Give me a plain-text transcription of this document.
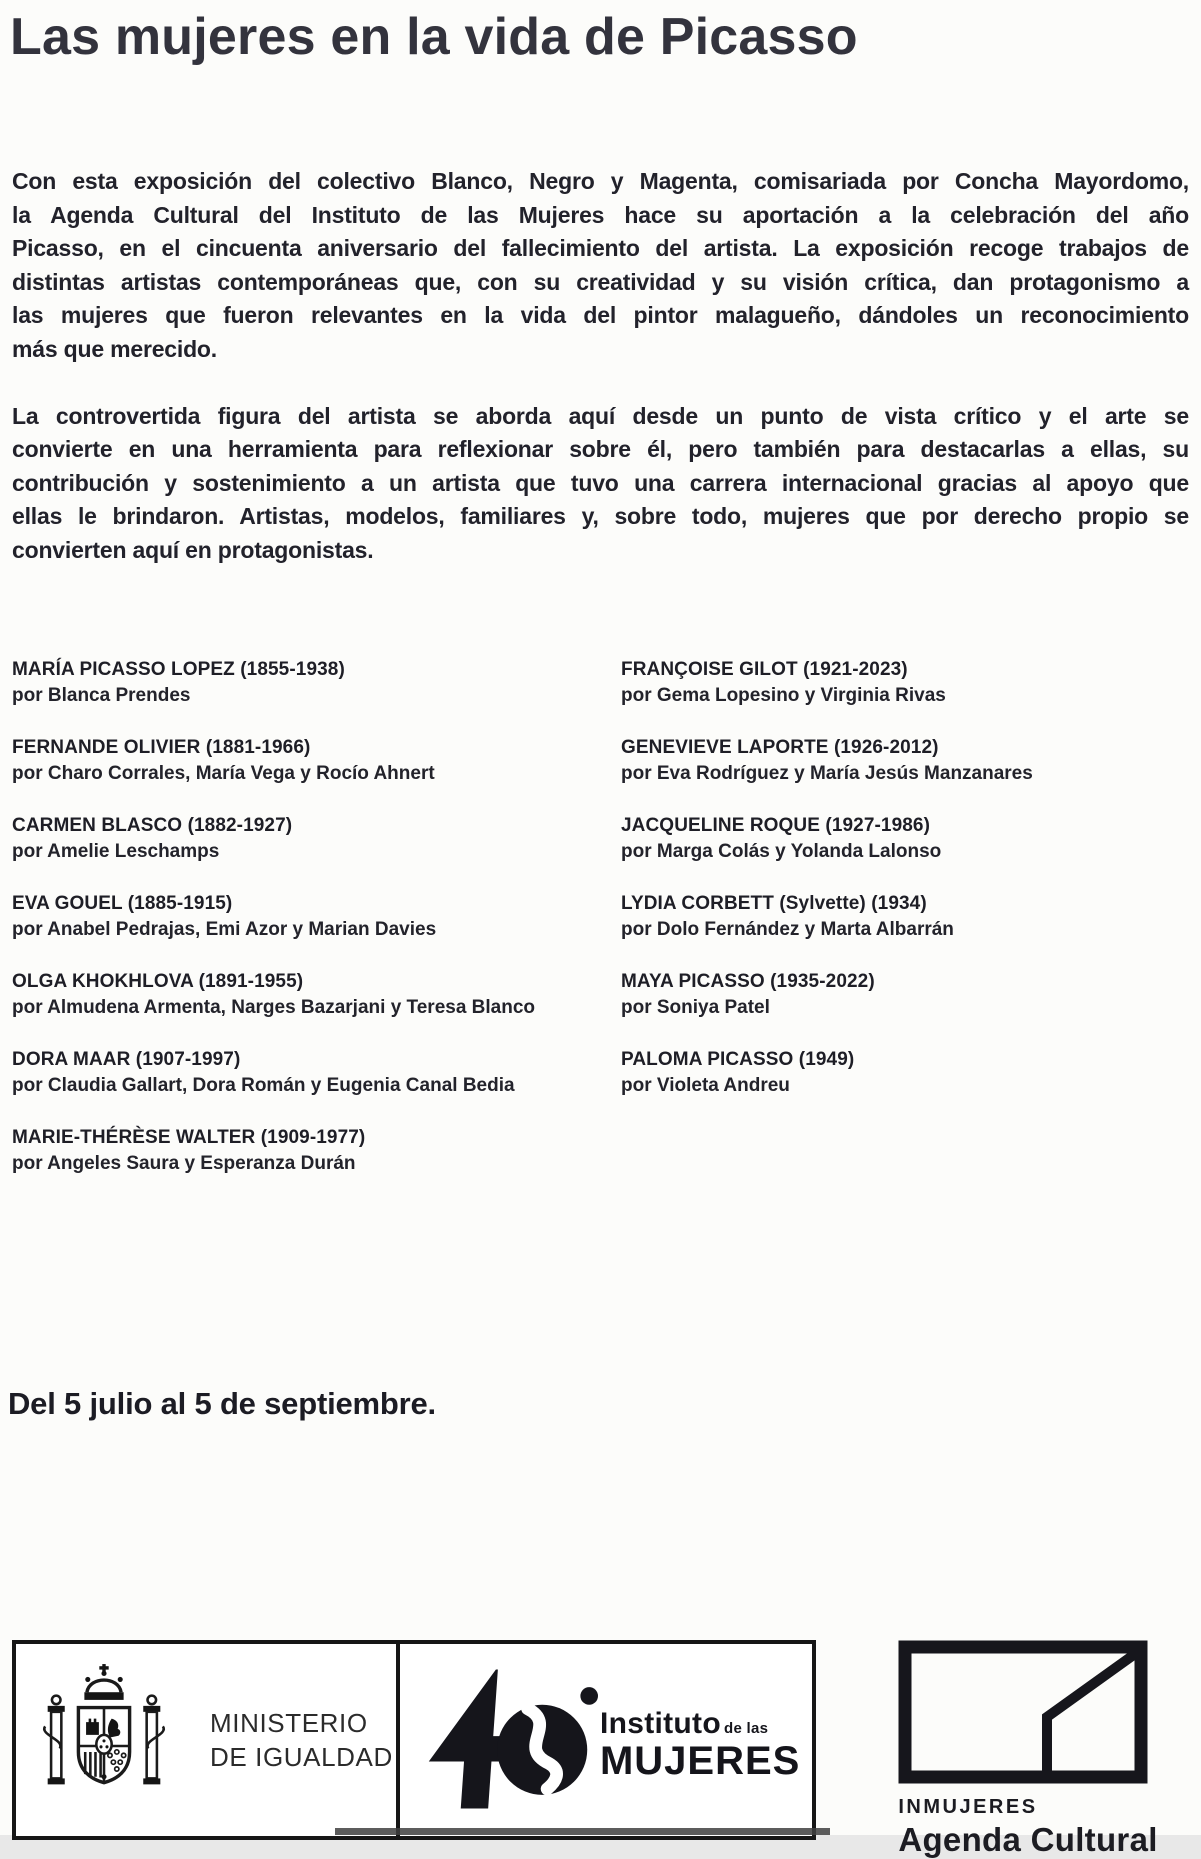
Las mujeres en la vida de Picasso
Con esta exposición del colectivo Blanco, Negro y Magenta, comisariada por Concha Mayordomo,
la Agenda Cultural del Instituto de las Mujeres hace su aportación a la celebración del año
Picasso, en el cincuenta aniversario del fallecimiento del artista. La exposición recoge trabajos de
distintas artistas contemporáneas que, con su creatividad y su visión crítica, dan protagonismo a
las mujeres que fueron relevantes en la vida del pintor malagueño, dándoles un reconocimiento
más que merecido.
La controvertida figura del artista se aborda aquí desde un punto de vista crítico y el arte se
convierte en una herramienta para reflexionar sobre él, pero también para destacarlas a ellas, su
contribución y sostenimiento a un artista que tuvo una carrera internacional gracias al apoyo que
ellas le brindaron. Artistas, modelos, familiares y, sobre todo, mujeres que por derecho propio se
convierten aquí en protagonistas.
MARÍA PICASSO LOPEZ (1855-1938)
por Blanca Prendes
FERNANDE OLIVIER (1881-1966)
por Charo Corrales, María Vega y Rocío Ahnert
CARMEN BLASCO (1882-1927)
por Amelie Leschamps
EVA GOUEL (1885-1915)
por Anabel Pedrajas, Emi Azor y Marian Davies
OLGA KHOKHLOVA (1891-1955)
por Almudena Armenta, Narges Bazarjani y Teresa Blanco
DORA MAAR (1907-1997)
por Claudia Gallart, Dora Román y Eugenia Canal Bedia
MARIE-THÉRÈSE WALTER (1909-1977)
por Angeles Saura y Esperanza Durán
FRANÇOISE GILOT (1921-2023)
por Gema Lopesino y Virginia Rivas
GENEVIEVE LAPORTE (1926-2012)
por Eva Rodríguez y María Jesús Manzanares
JACQUELINE ROQUE (1927-1986)
por Marga Colás y Yolanda Lalonso
LYDIA CORBETT (Sylvette) (1934)
por Dolo Fernández y Marta Albarrán
MAYA PICASSO (1935-2022)
por Soniya Patel
PALOMA PICASSO (1949)
por Violeta Andreu
Del 5 julio al 5 de septiembre.
MINISTERIO
DE IGUALDAD
Instituto de las
MUJERES
INMUJERES
Agenda Cultural
